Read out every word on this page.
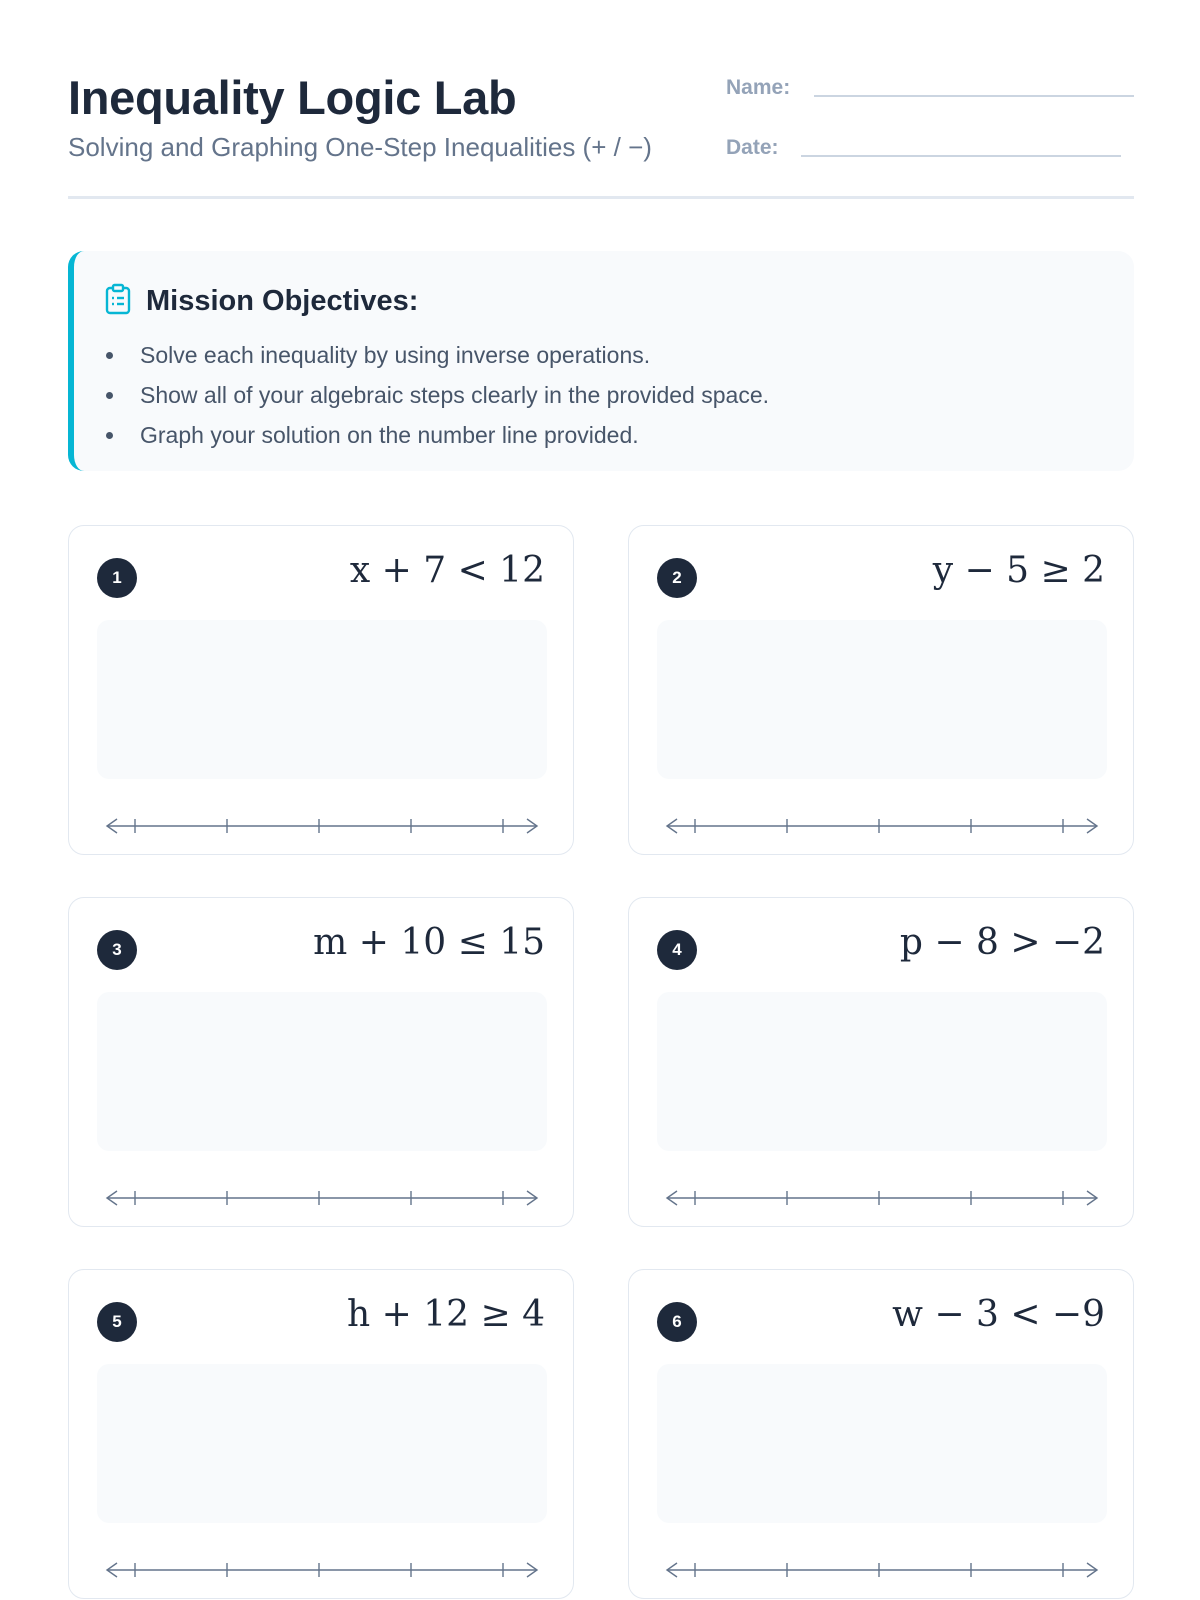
Inequality Logic Lab
Solving and Graphing One-Step Inequalities (+ / −)
Name:
Date:
Mission Objectives:
Solve each inequality by using inverse operations.
Show all of your algebraic steps clearly in the provided space.
Graph your solution on the number line provided.
1	x + 7 < 12	2	y − 5 ≥ 2
3	m + 10 ≤ 15	4	p − 8 > −2
5	h + 12 ≥ 4	6	w − 3 < −9
